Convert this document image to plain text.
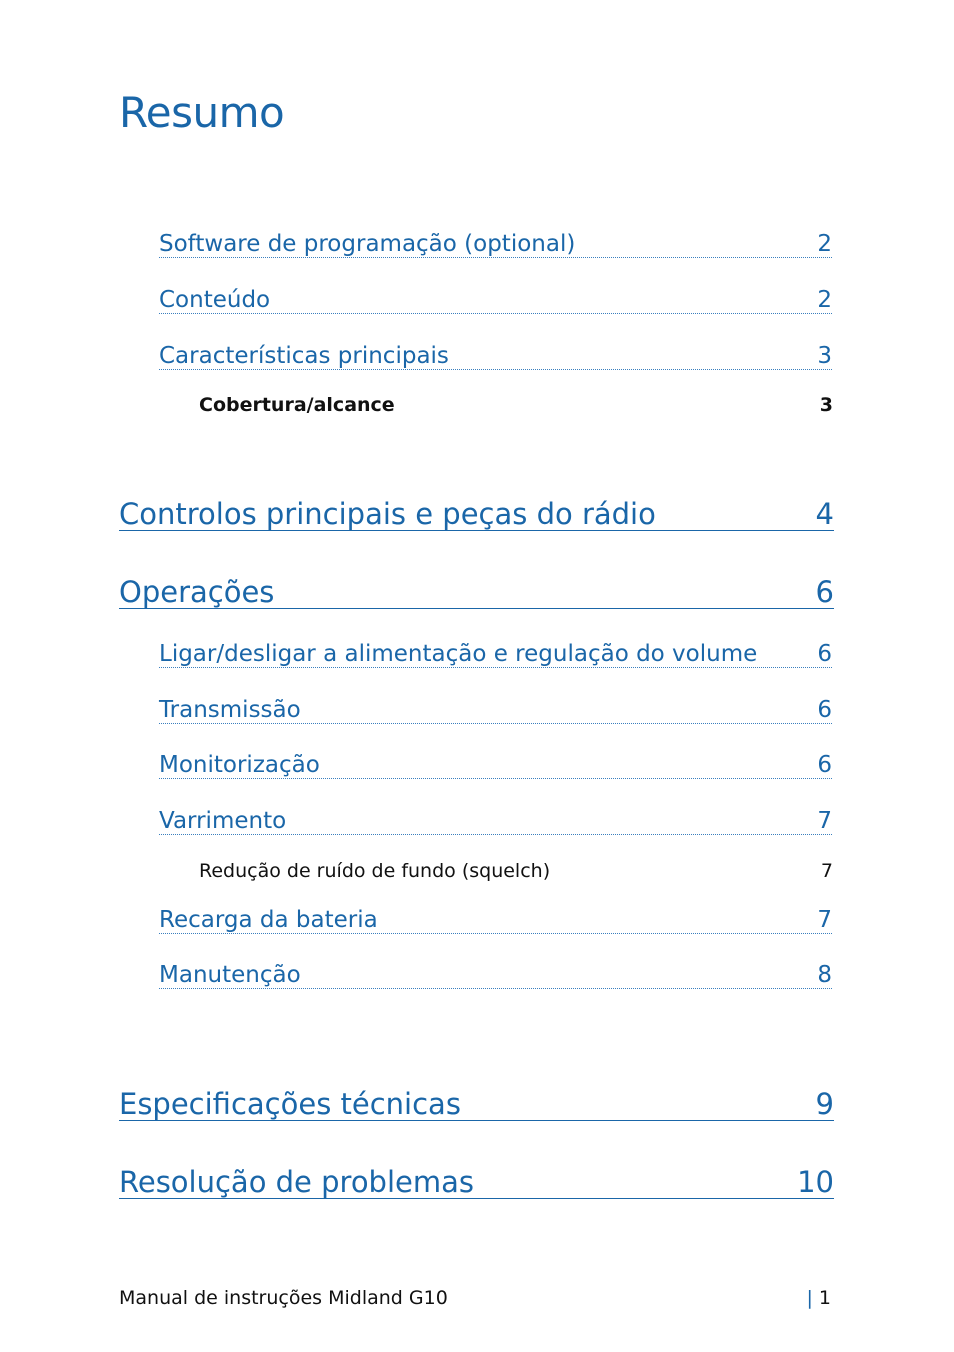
Resumo
Software de programação (optional)	2
Conteúdo	2
Características principais	3
Cobertura/alcance	3
Controlos principais e peças do rádio	4
Operações	6
Ligar/desligar a alimentação e regulação do volume	6
Transmissão	6
Monitorização	6
Varrimento	7
Redução de ruído de fundo (squelch)	7
Recarga da bateria	7
Manutenção	8
Especificações técnicas	9
Resolução de problemas	10
Manual de instruções Midland G10	| 1
